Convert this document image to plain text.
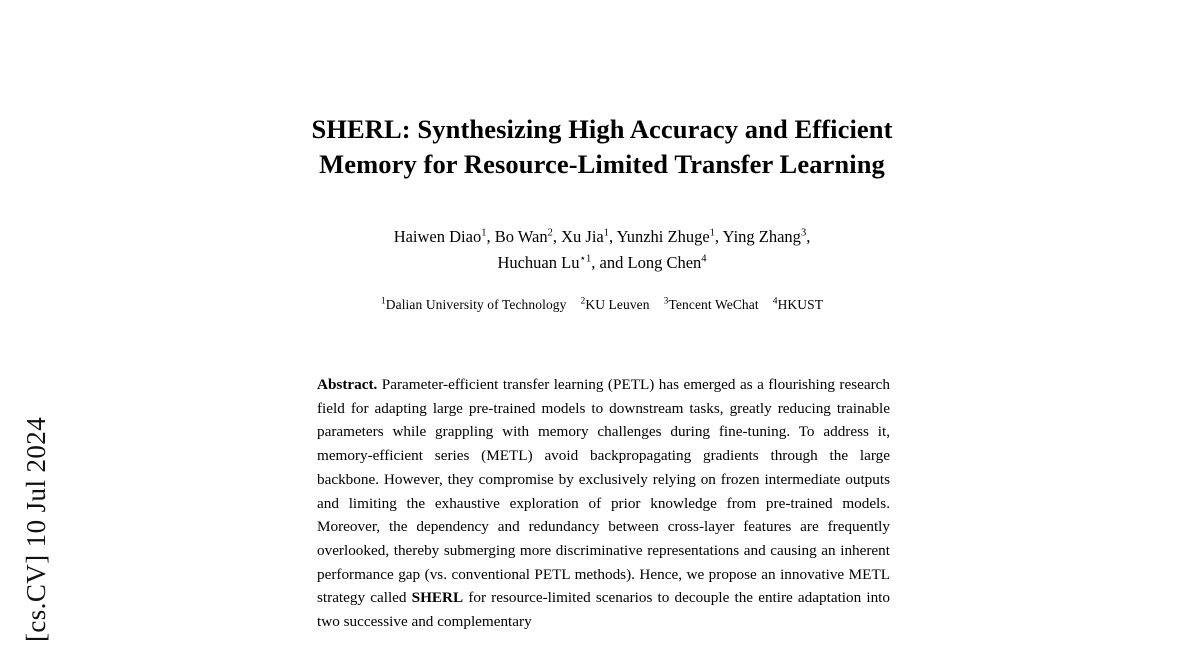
[cs.CV] 10 Jul 2024
SHERL: Synthesizing High Accuracy and Efficient
Memory for Resource-Limited Transfer Learning
Haiwen Diao$^1$, Bo Wan$^2$, Xu Jia$^1$, Yunzhi Zhuge$^1$, Ying Zhang$^3$,
Huchuan $Lu^{⋆1}$, and Long Chen$^4$
$^1$Dalian University of Technology $^2$KU Leuven $^3$Tencent WeChat $^4$HKUST
Abstract. Parameter-efficient transfer learning (PETL) has emerged as a flourishing research field for adapting large pre-trained models to downstream tasks, greatly reducing trainable parameters while grappling with memory challenges during fine-tuning. To address it, memory-efficient series (METL) avoid backpropagating gradients through the large backbone. However, they compromise by exclusively relying on frozen intermediate outputs and limiting the exhaustive exploration of prior knowledge from pre-trained models. Moreover, the dependency and redundancy between cross-layer features are frequently overlooked, thereby submerging more discriminative representations and causing an inherent performance gap (vs. conventional PETL methods). Hence, we propose an innovative METL strategy called SHERL for resource-limited scenarios to decouple the entire adaptation into two successive and complementary
